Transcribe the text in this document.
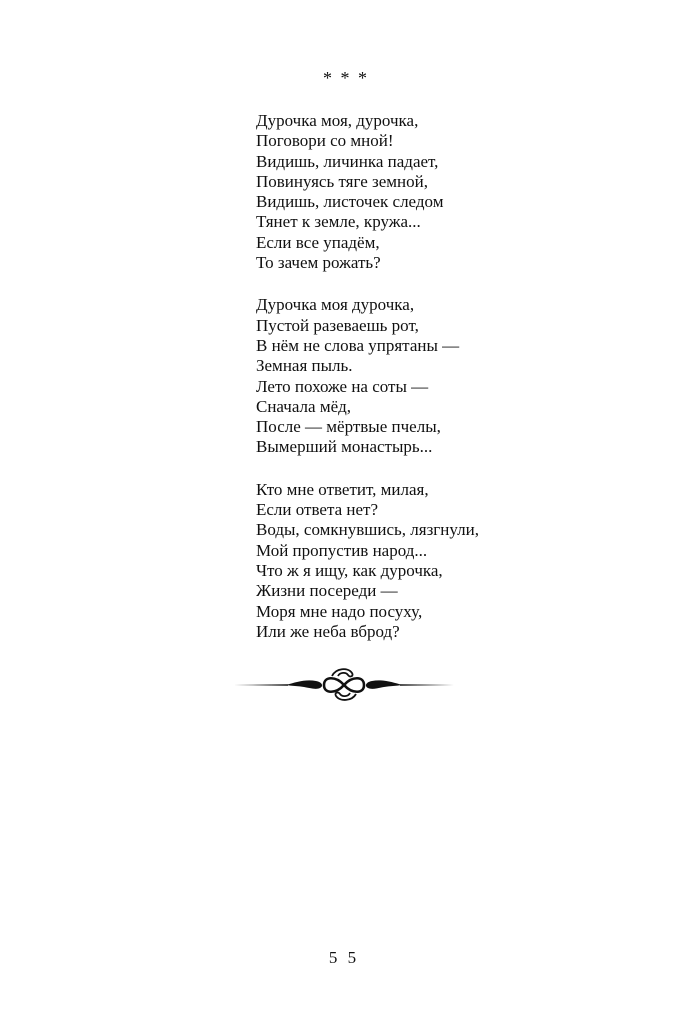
* * *
Дурочка моя, дурочка,
Поговори со мной!
Видишь, личинка падает,
Повинуясь тяге земной,
Видишь, листочек следом
Тянет к земле, кружа...
Если все упадём,
То зачем рожать?
Дурочка моя дурочка,
Пустой разеваешь рот,
В нём не слова упрятаны —
Земная пыль.
Лето похоже на соты —
Сначала мёд,
После — мёртвые пчелы,
Вымерший монастырь...
Кто мне ответит, милая,
Если ответа нет?
Воды, сомкнувшись, лязгнули,
Мой пропустив народ...
Что ж я ищу, как дурочка,
Жизни посереди —
Моря мне надо посуху,
Или же неба вброд?
5 5
